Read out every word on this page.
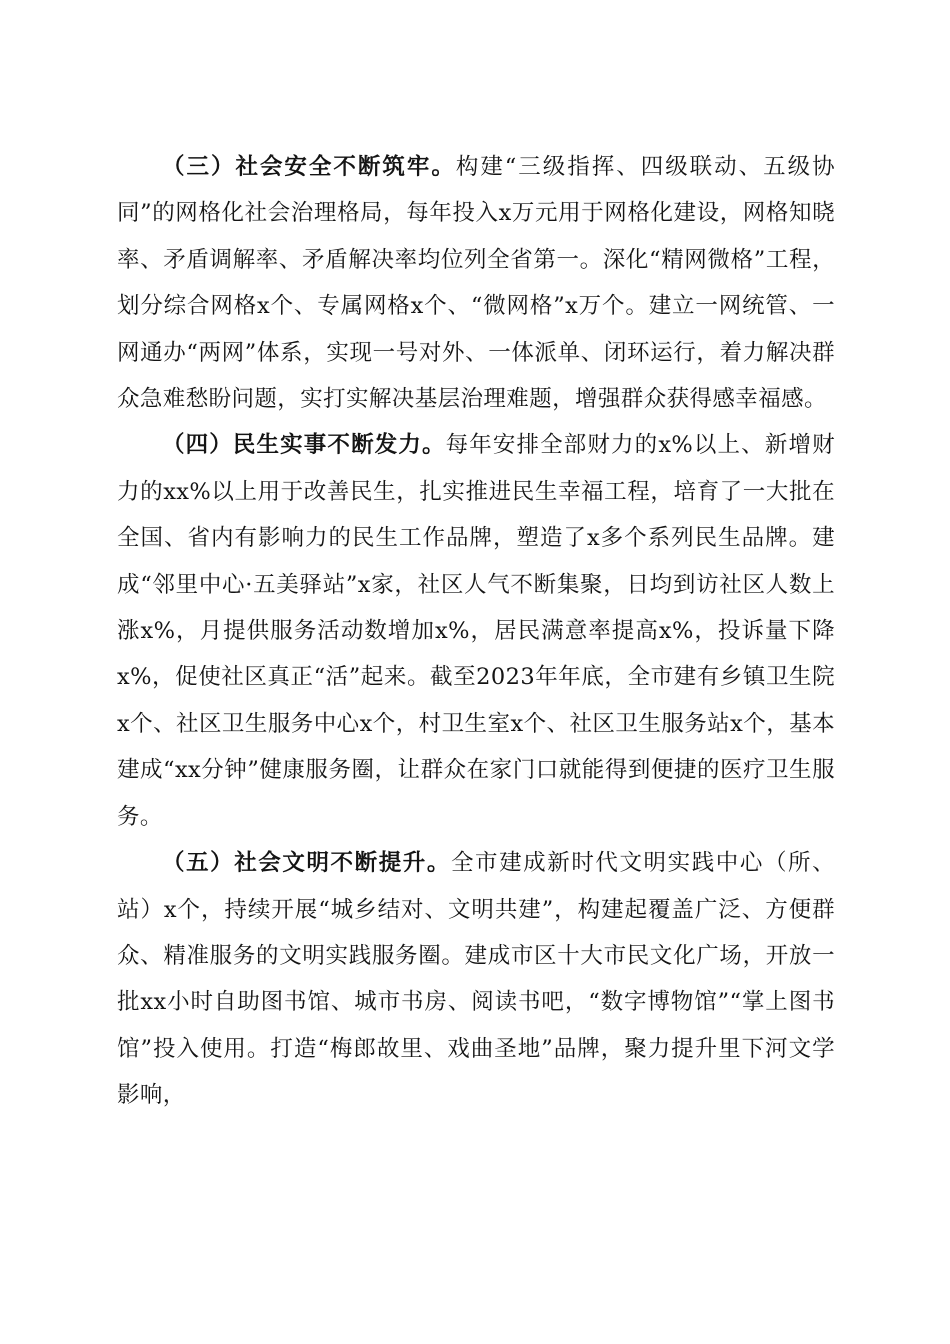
（三）社会安全不断筑牢。构建“三级指挥、四级联动、五级协同”的网格化社会治理格局，每年投入x万元用于网格化建设，网格知晓率、矛盾调解率、矛盾解决率均位列全省第一。深化“精网微格”工程，划分综合网格x个、专属网格x个、“微网格”x万个。建立一网统管、一网通办“两网”体系，实现一号对外、一体派单、闭环运行，着力解决群众急难愁盼问题，实打实解决基层治理难题，增强群众获得感幸福感。

（四）民生实事不断发力。每年安排全部财力的x%以上、新增财力的xx%以上用于改善民生，扎实推进民生幸福工程，培育了一大批在全国、省内有影响力的民生工作品牌，塑造了x多个系列民生品牌。建成“邻里中心·五美驿站”x家，社区人气不断集聚，日均到访社区人数上涨x%，月提供服务活动数增加x%，居民满意率提高x%，投诉量下降x%，促使社区真正“活”起来。截至2023年年底，全市建有乡镇卫生院x个、社区卫生服务中心x个，村卫生室x个、社区卫生服务站x个，基本建成“xx分钟”健康服务圈，让群众在家门口就能得到便捷的医疗卫生服务。

（五）社会文明不断提升。全市建成新时代文明实践中心（所、站）x个，持续开展“城乡结对、文明共建”，构建起覆盖广泛、方便群众、精准服务的文明实践服务圈。建成市区十大市民文化广场，开放一批xx小时自助图书馆、城市书房、阅读书吧，“数字博物馆”“掌上图书馆”投入使用。打造“梅郎故里、戏曲圣地”品牌，聚力提升里下河文学影响，
